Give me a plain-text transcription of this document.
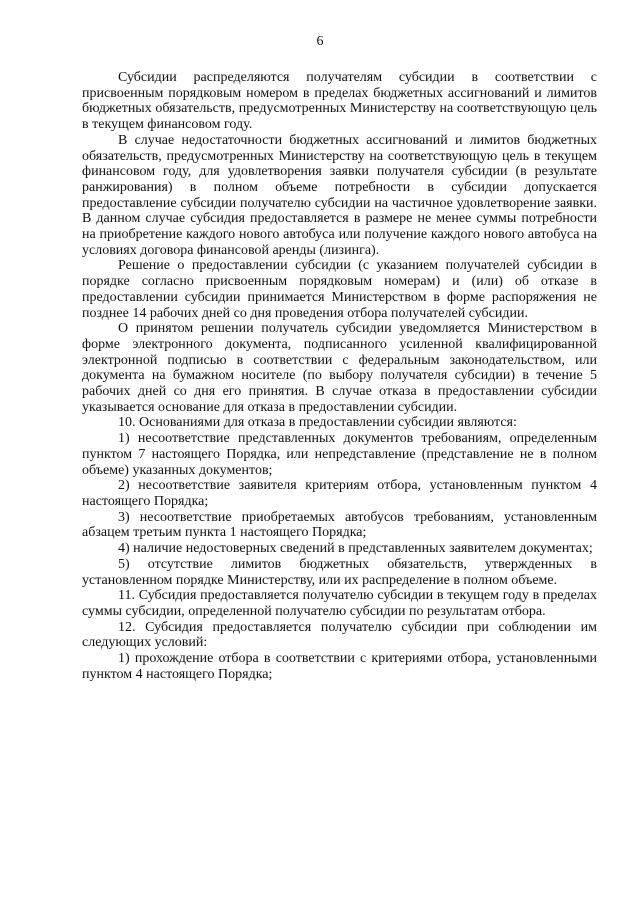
6

Субсидии распределяются получателям субсидии в соответствии с присвоенным порядковым номером в пределах бюджетных ассигнований и лимитов бюджетных обязательств, предусмотренных Министерству на соответствующую цель в текущем финансовом году.

В случае недостаточности бюджетных ассигнований и лимитов бюджетных обязательств, предусмотренных Министерству на соответствующую цель в текущем финансовом году, для удовлетворения заявки получателя субсидии (в результате ранжирования) в полном объеме потребности в субсидии допускается предоставление субсидии получателю субсидии на частичное удовлетворение заявки. В данном случае субсидия предоставляется в размере не менее суммы потребности на приобретение каждого нового автобуса или получение каждого нового автобуса на условиях договора финансовой аренды (лизинга).

Решение о предоставлении субсидии (с указанием получателей субсидии в порядке согласно присвоенным порядковым номерам) и (или) об отказе в предоставлении субсидии принимается Министерством в форме распоряжения не позднее 14 рабочих дней со дня проведения отбора получателей субсидии.

О принятом решении получатель субсидии уведомляется Министерством в форме электронного документа, подписанного усиленной квалифицированной электронной подписью в соответствии с федеральным законодательством, или документа на бумажном носителе (по выбору получателя субсидии) в течение 5 рабочих дней со дня его принятия. В случае отказа в предоставлении субсидии указывается основание для отказа в предоставлении субсидии.

10. Основаниями для отказа в предоставлении субсидии являются:

1) несоответствие представленных документов требованиям, определенным пунктом 7 настоящего Порядка, или непредставление (представление не в полном объеме) указанных документов;

2) несоответствие заявителя критериям отбора, установленным пунктом 4 настоящего Порядка;

3) несоответствие приобретаемых автобусов требованиям, установленным абзацем третьим пункта 1 настоящего Порядка;

4) наличие недостоверных сведений в представленных заявителем документах;

5) отсутствие лимитов бюджетных обязательств, утвержденных в установленном порядке Министерству, или их распределение в полном объеме.

11. Субсидия предоставляется получателю субсидии в текущем году в пределах суммы субсидии, определенной получателю субсидии по результатам отбора.

12. Субсидия предоставляется получателю субсидии при соблюдении им следующих условий:

1) прохождение отбора в соответствии с критериями отбора, установленными пунктом 4 настоящего Порядка;
